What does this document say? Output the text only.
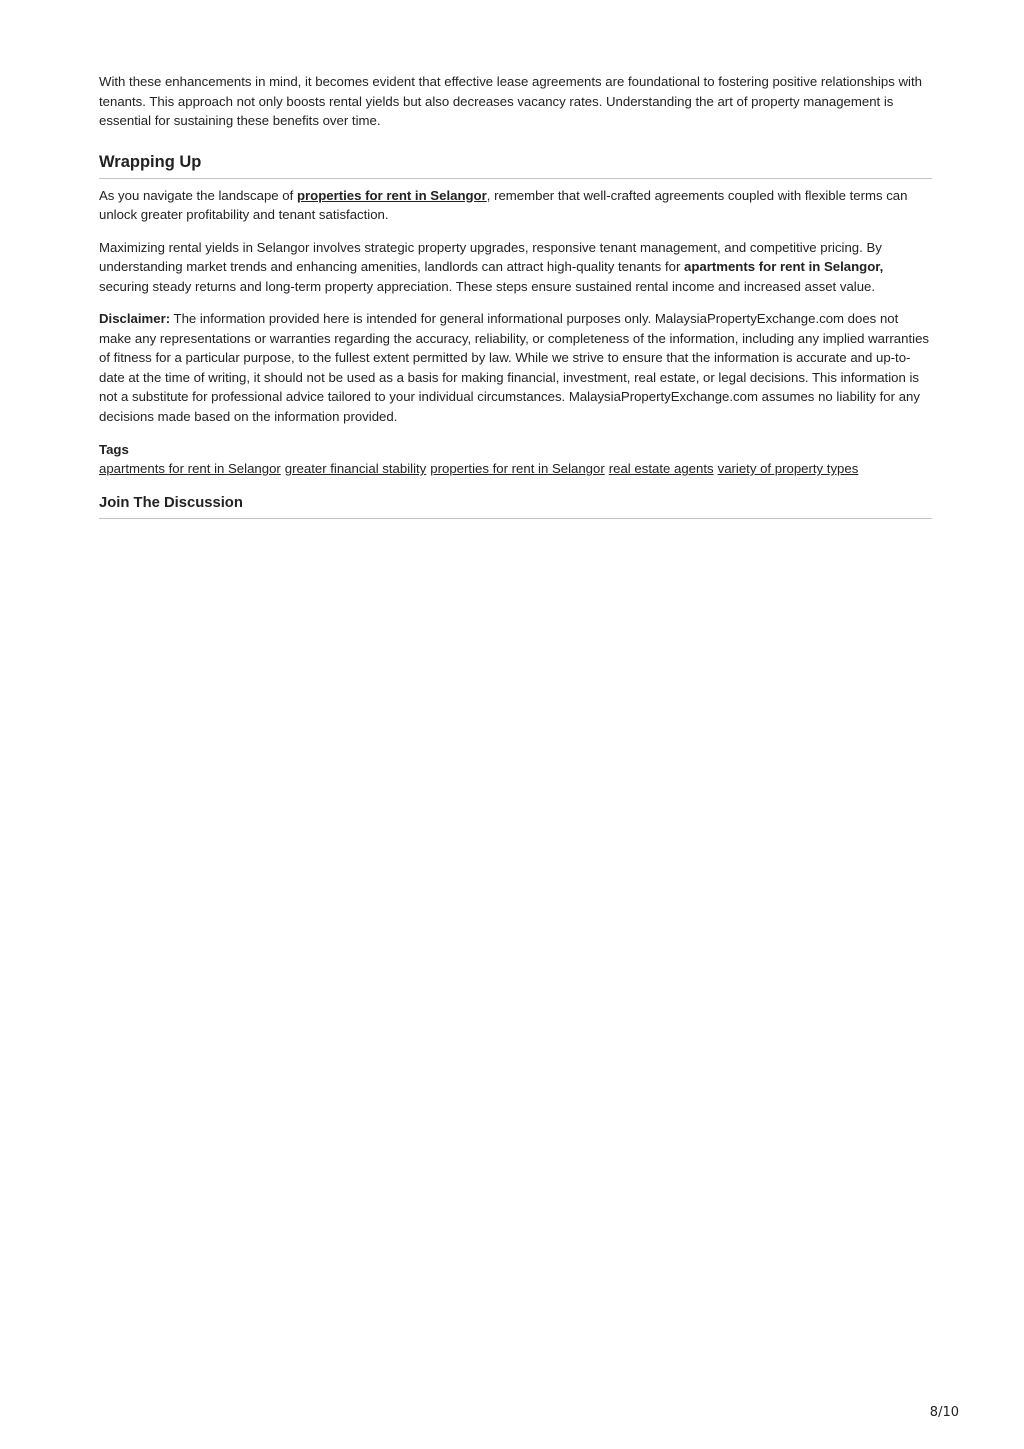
With these enhancements in mind, it becomes evident that effective lease agreements are foundational to fostering positive relationships with tenants. This approach not only boosts rental yields but also decreases vacancy rates. Understanding the art of property management is essential for sustaining these benefits over time.

Wrapping Up

As you navigate the landscape of properties for rent in Selangor, remember that well-crafted agreements coupled with flexible terms can unlock greater profitability and tenant satisfaction.

Maximizing rental yields in Selangor involves strategic property upgrades, responsive tenant management, and competitive pricing. By understanding market trends and enhancing amenities, landlords can attract high-quality tenants for apartments for rent in Selangor, securing steady returns and long-term property appreciation. These steps ensure sustained rental income and increased asset value.

Disclaimer: The information provided here is intended for general informational purposes only. MalaysiaPropertyExchange.com does not make any representations or warranties regarding the accuracy, reliability, or completeness of the information, including any implied warranties of fitness for a particular purpose, to the fullest extent permitted by law. While we strive to ensure that the information is accurate and up-to-date at the time of writing, it should not be used as a basis for making financial, investment, real estate, or legal decisions. This information is not a substitute for professional advice tailored to your individual circumstances. MalaysiaPropertyExchange.com assumes no liability for any decisions made based on the information provided.

Tags
apartments for rent in Selangor greater financial stability properties for rent in Selangor real estate agents variety of property types
Join The Discussion
8/10
